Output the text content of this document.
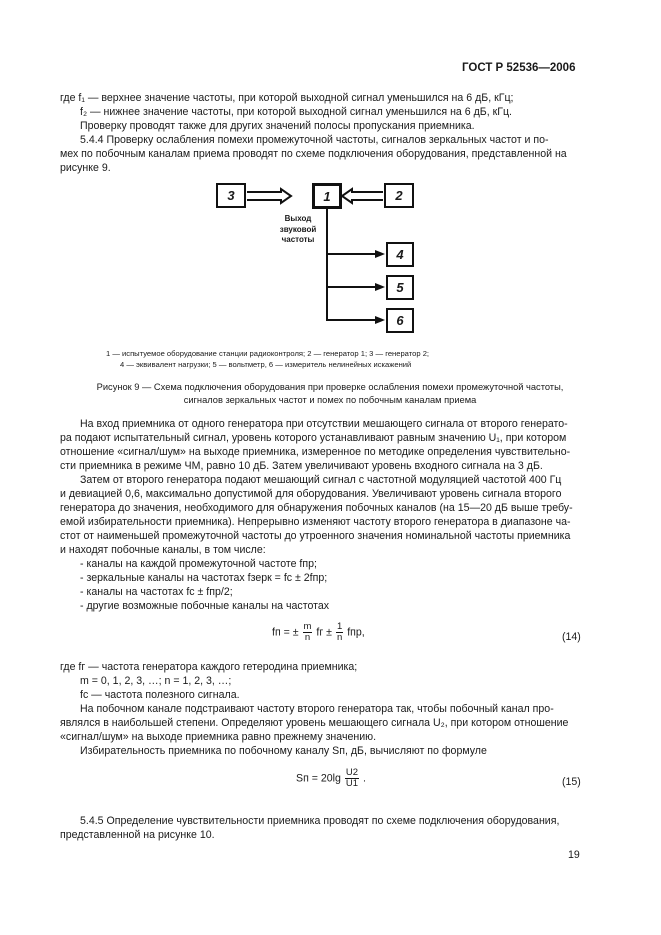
ГОСТ Р 52536—2006
где f₁ — верхнее значение частоты, при которой выходной сигнал уменьшился на 6 дБ, кГц;
f₂ — нижнее значение частоты, при которой выходной сигнал уменьшился на 6 дБ, кГц.
Проверку проводят также для других значений полосы пропускания приемника.
5.4.4 Проверку ослабления помехи промежуточной частоты, сигналов зеркальных частот и по-
мех по побочным каналам приема проводят по схеме подключения оборудования, представленной на
рисунке 9.
3	1	2
4
5
6
Выход
звуковой
частоты
1 — испытуемое оборудование станции радиоконтроля; 2 — генератор 1; 3 — генератор 2;
4 — эквивалент нагрузки; 5 — вольтметр, 6 — измеритель нелинейных искажений
Рисунок 9 — Схема подключения оборудования при проверке ослабления помехи промежуточной частоты,
сигналов зеркальных частот и помех по побочным каналам приема
На вход приемника от одного генератора при отсутствии мешающего сигнала от второго генерато-
ра подают испытательный сигнал, уровень которого устанавливают равным значению U₁, при котором
отношение «сигнал/шум» на выходе приемника, измеренное по методике определения чувствительно-
сти приемника в режиме ЧМ, равно 10 дБ. Затем увеличивают уровень входного сигнала на 3 дБ.
Затем от второго генератора подают мешающий сигнал с частотной модуляцией частотой 400 Гц
и девиацией 0,6, максимально допустимой для оборудования. Увеличивают уровень сигнала второго
генератора до значения, необходимого для обнаружения побочных каналов (на 15—20 дБ выше требу-
емой избирательности приемника). Непрерывно изменяют частоту второго генератора в диапазоне ча-
стот от наименьшей промежуточной частоты до утроенного значения номинальной частоты приемника
и находят побочные каналы, в том числе:
- каналы на каждой промежуточной частоте fпр;
- зеркальные каналы на частотах fзерк = fс ± 2fпр;
- каналы на частотах fс ± fпр/2;
- другие возможные побочные каналы на частотах
fп = ± $\frac{m}{n}$ fг ± $\frac{1}{n}$ fпр,	(14)
где fг — частота генератора каждого гетеродина приемника;
m = 0, 1, 2, 3, …; n = 1, 2, 3, …;
fс — частота полезного сигнала.
На побочном канале подстраивают частоту второго генератора так, чтобы побочный канал про-
являлся в наибольшей степени. Определяют уровень мешающего сигнала U₂, при котором отношение
«сигнал/шум» на выходе приемника равно прежнему значению.
Избирательность приемника по побочному каналу Sп, дБ, вычисляют по формуле
Sп = $20\lg \frac{U2}{U1}$ .	(15)
5.4.5 Определение чувствительности приемника проводят по схеме подключения оборудования,
представленной на рисунке 10.
19
